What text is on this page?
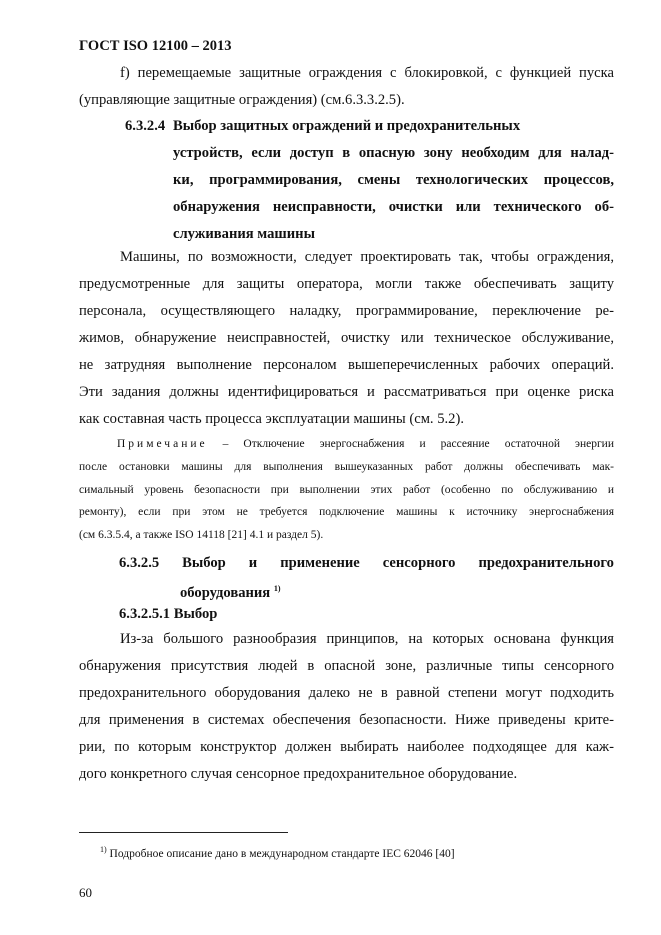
ГОСТ ISO 12100 – 2013
f) перемещаемые защитные ограждения с блокировкой, с функцией пуска
(управляющие защитные ограждения) (см.6.3.3.2.5).
6.3.2.4 Выбор защитных ограждений и предохранительных
устройств, если доступ в опасную зону необходим для налад-
ки, программирования, смены технологических процессов,
обнаружения неисправности, очистки или технического об-
служивания машины
Машины, по возможности, следует проектировать так, чтобы ограждения,
предусмотренные для защиты оператора, могли также обеспечивать защиту
персонала, осуществляющего наладку, программирование, переключение ре-
жимов, обнаружение неисправностей, очистку или техническое обслуживание,
не затрудняя выполнение персоналом вышеперечисленных рабочих операций.
Эти задания должны идентифицироваться и рассматриваться при оценке риска
как составная часть процесса эксплуатации машины (см. 5.2).
Примечание – Отключение энергоснабжения и рассеяние остаточной энергии
после остановки машины для выполнения вышеуказанных работ должны обеспечивать мак-
симальный уровень безопасности при выполнении этих работ (особенно по обслуживанию и
ремонту), если при этом не требуется подключение машины к источнику энергоснабжения
(см 6.3.5.4, а также ISO 14118 [21] 4.1 и раздел 5).
6.3.2.5 Выбор и применение сенсорного предохранительного
оборудования $^{1)}$
6.3.2.5.1 Выбор
Из-за большого разнообразия принципов, на которых основана функция
обнаружения присутствия людей в опасной зоне, различные типы сенсорного
предохранительного оборудования далеко не в равной степени могут подходить
для применения в системах обеспечения безопасности. Ниже приведены крите-
рии, по которым конструктор должен выбирать наиболее подходящее для каж-
дого конкретного случая сенсорное предохранительное оборудование.
$^{1)}$ Подробное описание дано в международном стандарте IEC 62046 [40]
60
